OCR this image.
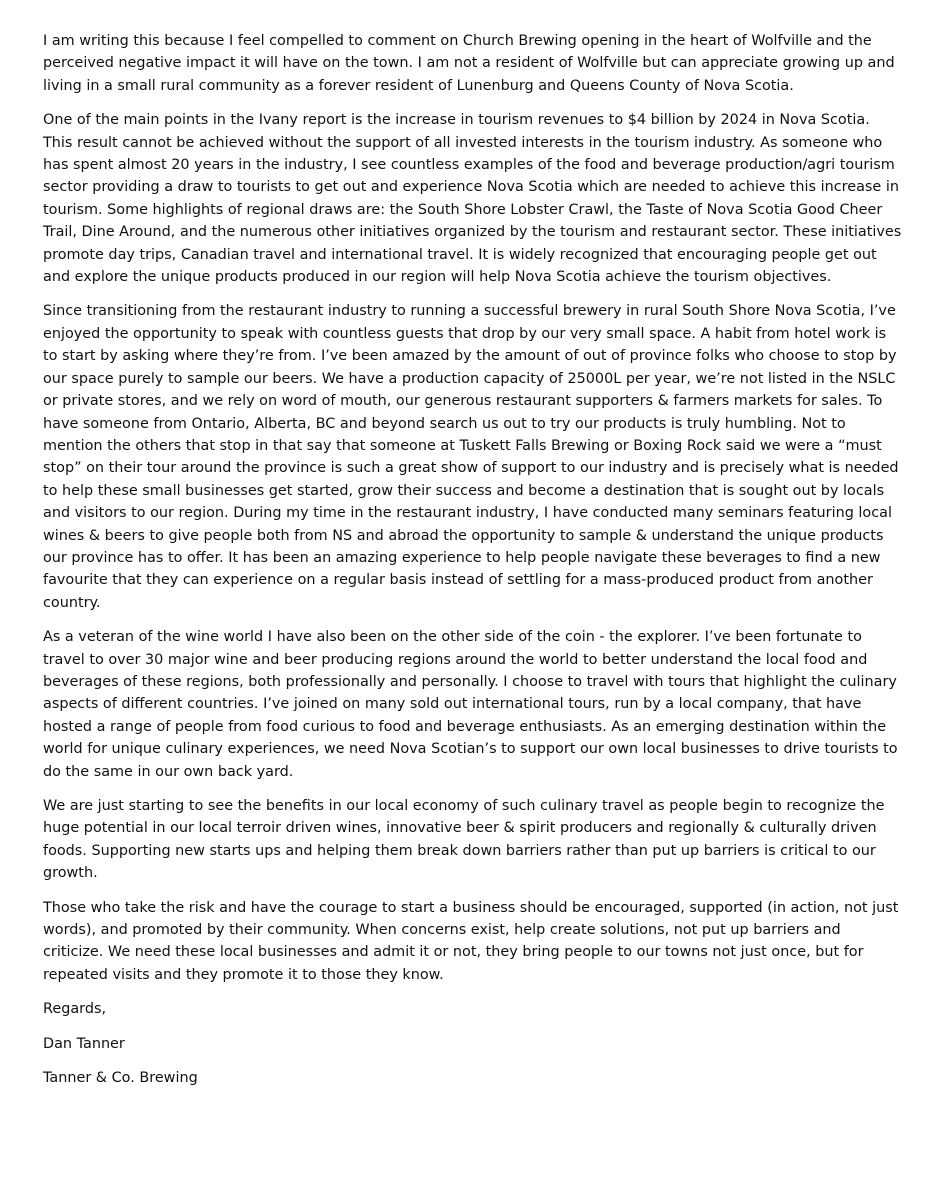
I am writing this because I feel compelled to comment on Church Brewing opening in the heart of Wolfville and the perceived negative impact it will have on the town. I am not a resident of Wolfville but can appreciate growing up and living in a small rural community as a forever resident of Lunenburg and Queens County of Nova Scotia.

One of the main points in the Ivany report is the increase in tourism revenues to $4 billion by 2024 in Nova Scotia. This result cannot be achieved without the support of all invested interests in the tourism industry. As someone who has spent almost 20 years in the industry, I see countless examples of the food and beverage production/agri tourism sector providing a draw to tourists to get out and experience Nova Scotia which are needed to achieve this increase in tourism. Some highlights of regional draws are: the South Shore Lobster Crawl, the Taste of Nova Scotia Good Cheer Trail, Dine Around, and the numerous other initiatives organized by the tourism and restaurant sector. These initiatives promote day trips, Canadian travel and international travel. It is widely recognized that encouraging people get out and explore the unique products produced in our region will help Nova Scotia achieve the tourism objectives.

Since transitioning from the restaurant industry to running a successful brewery in rural South Shore Nova Scotia, I’ve enjoyed the opportunity to speak with countless guests that drop by our very small space. A habit from hotel work is to start by asking where they’re from. I’ve been amazed by the amount of out of province folks who choose to stop by our space purely to sample our beers. We have a production capacity of 25000L per year, we’re not listed in the NSLC or private stores, and we rely on word of mouth, our generous restaurant supporters & farmers markets for sales. To have someone from Ontario, Alberta, BC and beyond search us out to try our products is truly humbling. Not to mention the others that stop in that say that someone at Tuskett Falls Brewing or Boxing Rock said we were a “must stop” on their tour around the province is such a great show of support to our industry and is precisely what is needed to help these small businesses get started, grow their success and become a destination that is sought out by locals and visitors to our region. During my time in the restaurant industry, I have conducted many seminars featuring local wines & beers to give people both from NS and abroad the opportunity to sample & understand the unique products our province has to offer. It has been an amazing experience to help people navigate these beverages to find a new favourite that they can experience on a regular basis instead of settling for a mass-produced product from another country.

As a veteran of the wine world I have also been on the other side of the coin - the explorer. I’ve been fortunate to travel to over 30 major wine and beer producing regions around the world to better understand the local food and beverages of these regions, both professionally and personally. I choose to travel with tours that highlight the culinary aspects of different countries. I’ve joined on many sold out international tours, run by a local company, that have hosted a range of people from food curious to food and beverage enthusiasts. As an emerging destination within the world for unique culinary experiences, we need Nova Scotian’s to support our own local businesses to drive tourists to do the same in our own back yard.

We are just starting to see the benefits in our local economy of such culinary travel as people begin to recognize the huge potential in our local terroir driven wines, innovative beer & spirit producers and regionally & culturally driven foods. Supporting new starts ups and helping them break down barriers rather than put up barriers is critical to our growth.

Those who take the risk and have the courage to start a business should be encouraged, supported (in action, not just words), and promoted by their community. When concerns exist, help create solutions, not put up barriers and criticize. We need these local businesses and admit it or not, they bring people to our towns not just once, but for repeated visits and they promote it to those they know.

Regards,

Dan Tanner

Tanner & Co. Brewing
